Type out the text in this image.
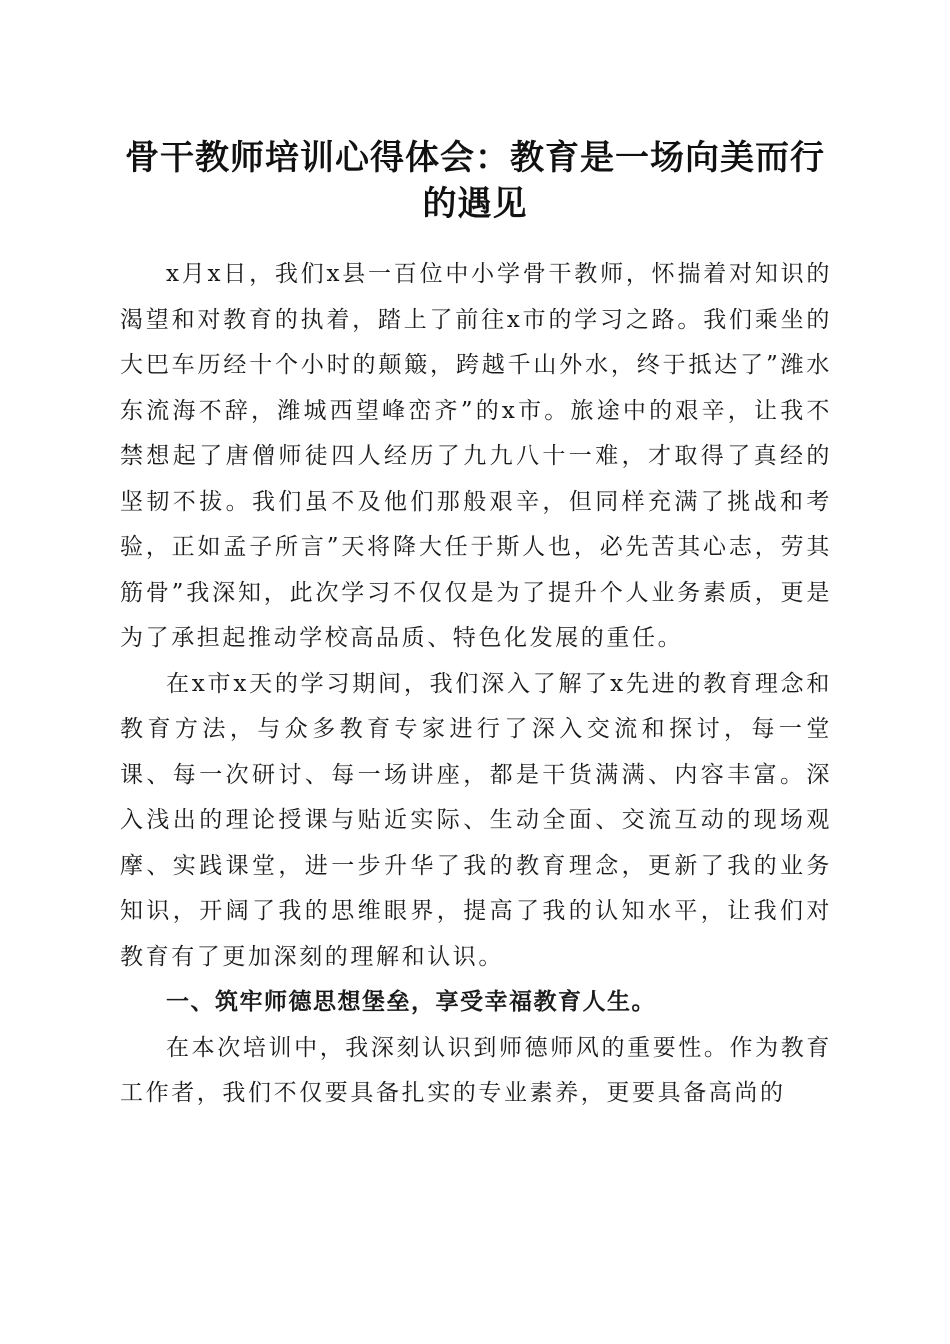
骨干教师培训心得体会：教育是一场向美而行的遇见

x月x日，我们x县一百位中小学骨干教师，怀揣着对知识的渴望和对教育的执着，踏上了前往x市的学习之路。我们乘坐的大巴车历经十个小时的颠簸，跨越千山外水，终于抵达了”潍水东流海不辞，潍城西望峰峦齐”的x市。旅途中的艰辛，让我不禁想起了唐僧师徒四人经历了九九八十一难，才取得了真经的坚韧不拔。我们虽不及他们那般艰辛，但同样充满了挑战和考验，正如孟子所言”天将降大任于斯人也，必先苦其心志，劳其筋骨”我深知，此次学习不仅仅是为了提升个人业务素质，更是为了承担起推动学校高品质、特色化发展的重任。

在x市x天的学习期间，我们深入了解了x先进的教育理念和教育方法，与众多教育专家进行了深入交流和探讨，每一堂课、每一次研讨、每一场讲座，都是干货满满、内容丰富。深入浅出的理论授课与贴近实际、生动全面、交流互动的现场观摩、实践课堂，进一步升华了我的教育理念，更新了我的业务知识，开阔了我的思维眼界，提高了我的认知水平，让我们对教育有了更加深刻的理解和认识。

一、筑牢师德思想堡垒，享受幸福教育人生。

在本次培训中，我深刻认识到师德师风的重要性。作为教育工作者，我们不仅要具备扎实的专业素养，更要具备高尚的
